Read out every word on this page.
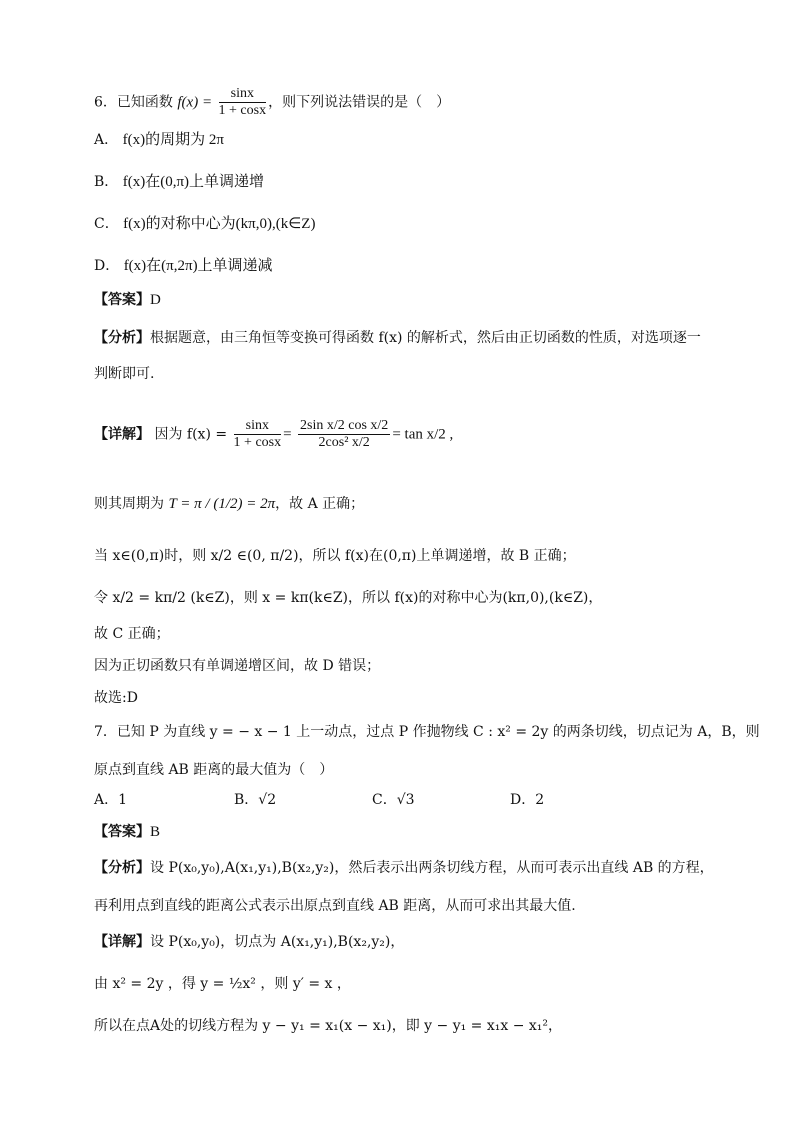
6．已知函数 $f(x) = \frac{\sin x}{1 + \cos x}$ ，则下列说法错误的是（　）
A． f(x)的周期为 2π
B． f(x)在(0,π)上单调递增
C． f(x)的对称中心为(kπ,0),(k∈Z)
D． f(x)在(π,2π)上单调递减
【答案】D
【分析】根据题意，由三角恒等变换可得函数 f(x) 的解析式，然后由正切函数的性质，对选项逐一
判断即可.
【详解】 因为 $f(x) = \frac{\sin x}{1 + \cos x} = \frac{\text{2sin x/2 cos x/2}}{\text{2cos² x/2}} = \tan x/2$ ,
则其周期为 T = π / (1/2) = 2π，故 A 正确；
当 x∈(0,π)时，则 x/2 ∈(0, π/2)，所以 f(x)在(0,π)上单调递增，故 B 正确；
令 x/2 = kπ/2 (k∈Z)，则 x = kπ(k∈Z)，所以 f(x)的对称中心为(kπ,0),(k∈Z)，
故 C 正确；
因为正切函数只有单调递增区间，故 D 错误；
故选:D
7．已知 P 为直线 y = − x − 1 上一动点，过点 P 作抛物线 C : x² = 2y 的两条切线，切点记为 A，B，则
原点到直线 AB 距离的最大值为（　）
A．1	B．√2	C．√3	D．2
【答案】B
【分析】设 P(x₀,y₀),A(x₁,y₁),B(x₂,y₂)，然后表示出两条切线方程，从而可表示出直线 AB 的方程，
再利用点到直线的距离公式表示出原点到直线 AB 距离，从而可求出其最大值.
【详解】设 P(x₀,y₀)，切点为 A(x₁,y₁),B(x₂,y₂)，
由 x² = 2y ，得 y = ½x² ，则 y′ = x ，
所以在点A处的切线方程为 y − y₁ = x₁(x − x₁)，即 y − y₁ = x₁x − x₁²，
